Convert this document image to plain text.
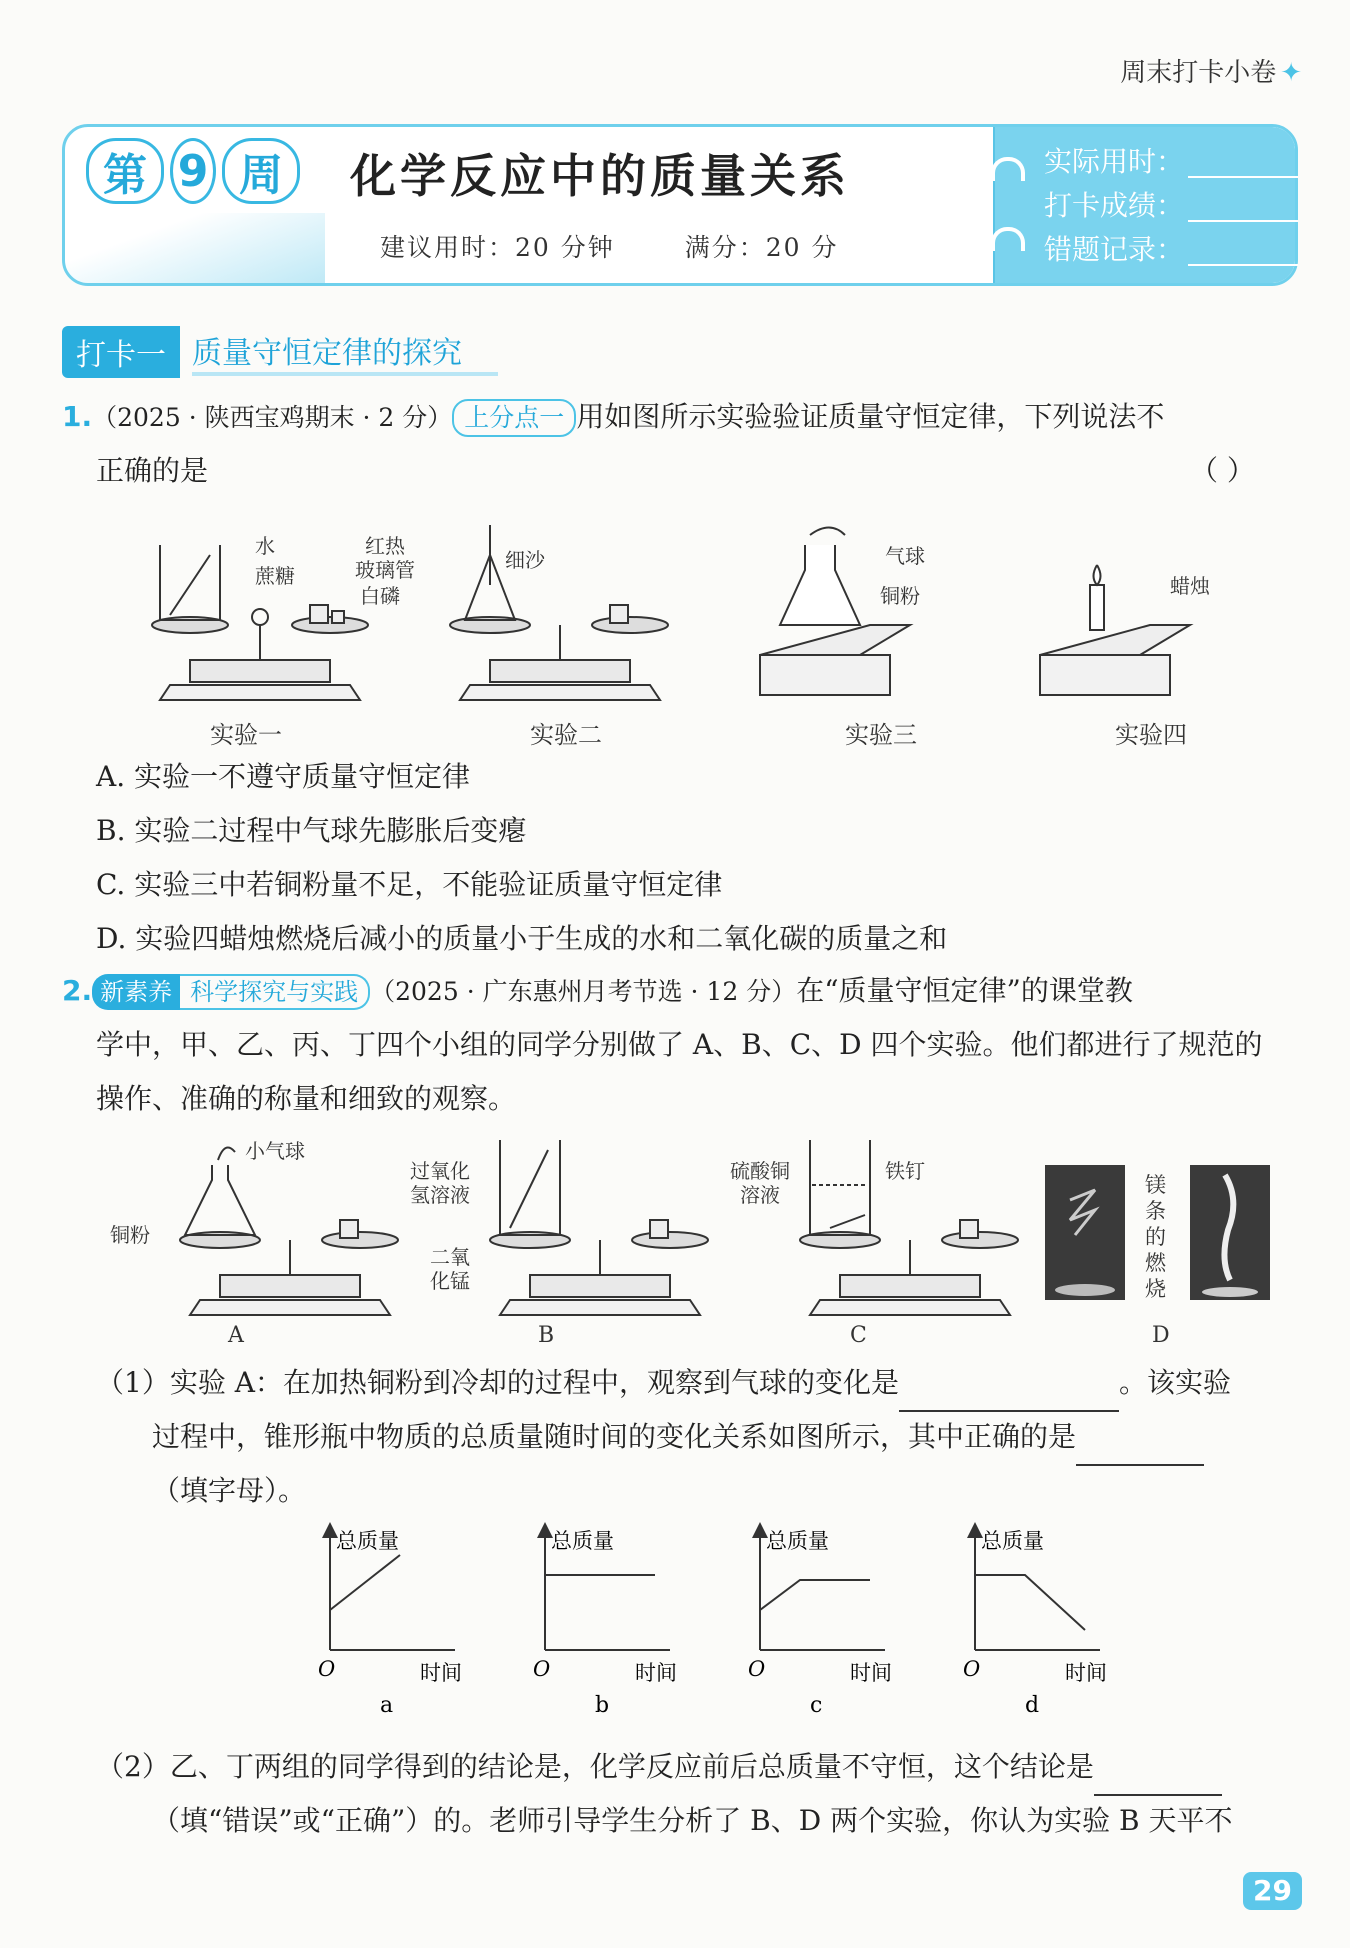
周末打卡小卷 ✦
第 9 周	化学反应中的质量关系
建议用时：20 分钟	满分：20 分
实际用时：
打卡成绩：
错题记录：
打卡一 质量守恒定律的探究
1.（2025 · 陕西宝鸡期末 · 2 分） 上分点一 用如图所示实验验证质量守恒定律，下列说法不
正确的是	（ ）
水
蔗糖
红热
玻璃管
白磷
细沙	气球
铜粉	蜡烛
实验一	实验二	实验三	实验四
A. 实验一不遵守质量守恒定律
B. 实验二过程中气球先膨胀后变瘪
C. 实验三中若铜粉量不足，不能验证质量守恒定律
D. 实验四蜡烛燃烧后减小的质量小于生成的水和二氧化碳的质量之和
2. 新素养 科学探究与实践 （2025 · 广东惠州月考节选 · 12 分）在“质量守恒定律”的课堂教
学中，甲、乙、丙、丁四个小组的同学分别做了 A、B、C、D 四个实验。他们都进行了规范的
操作、准确的称量和细致的观察。
小气球
铜粉
过氧化
氢溶液
二氧
化锰
硫酸铜
溶液
铁钉
镁
条
的
燃
烧
A	B	C	D
（1）实验 A：在加热铜粉到冷却的过程中，观察到气球的变化是	。该实验
过程中，锥形瓶中物质的总质量随时间的变化关系如图所示，其中正确的是
（填字母）。
总质量
时间
O
a
总质量
时间
O
b
总质量
时间
O
c
总质量
时间
O
d
（2）乙、丁两组的同学得到的结论是，化学反应前后总质量不守恒，这个结论是
（填“错误”或“正确”）的。老师引导学生分析了 B、D 两个实验，你认为实验 B 天平不
29
